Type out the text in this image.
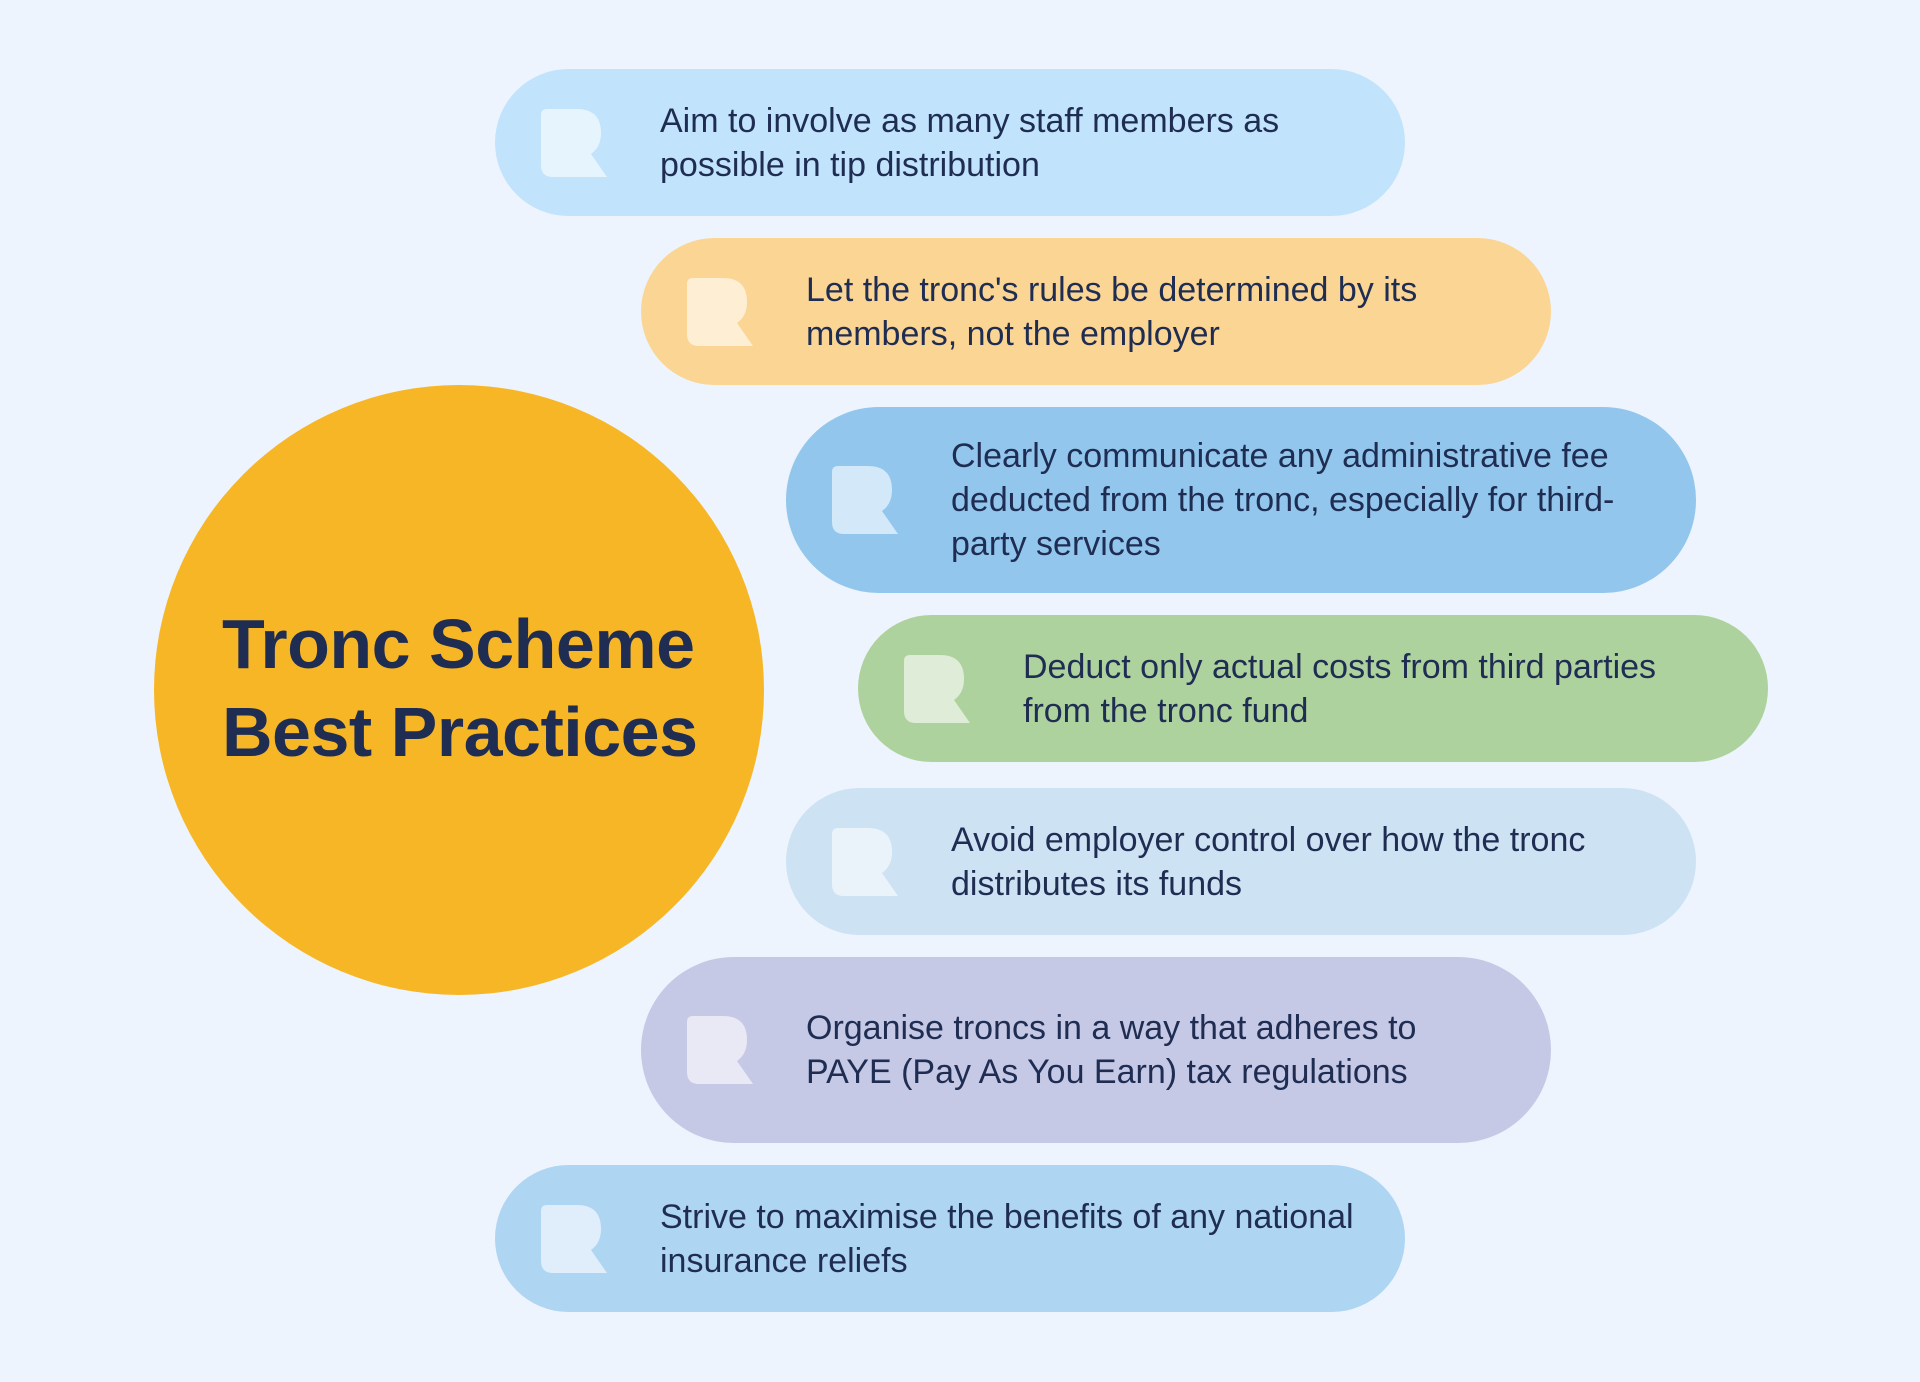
Tronc Scheme
Best Practices

Aim to involve as many staff members as possible in tip distribution

Let the tronc's rules be determined by its members, not the employer

Clearly communicate any administrative fee deducted from the tronc, especially for third-party services

Deduct only actual costs from third parties from the tronc fund

Avoid employer control over how the tronc distributes its funds

Organise troncs in a way that adheres to PAYE (Pay As You Earn) tax regulations

Strive to maximise the benefits of any national insurance reliefs
